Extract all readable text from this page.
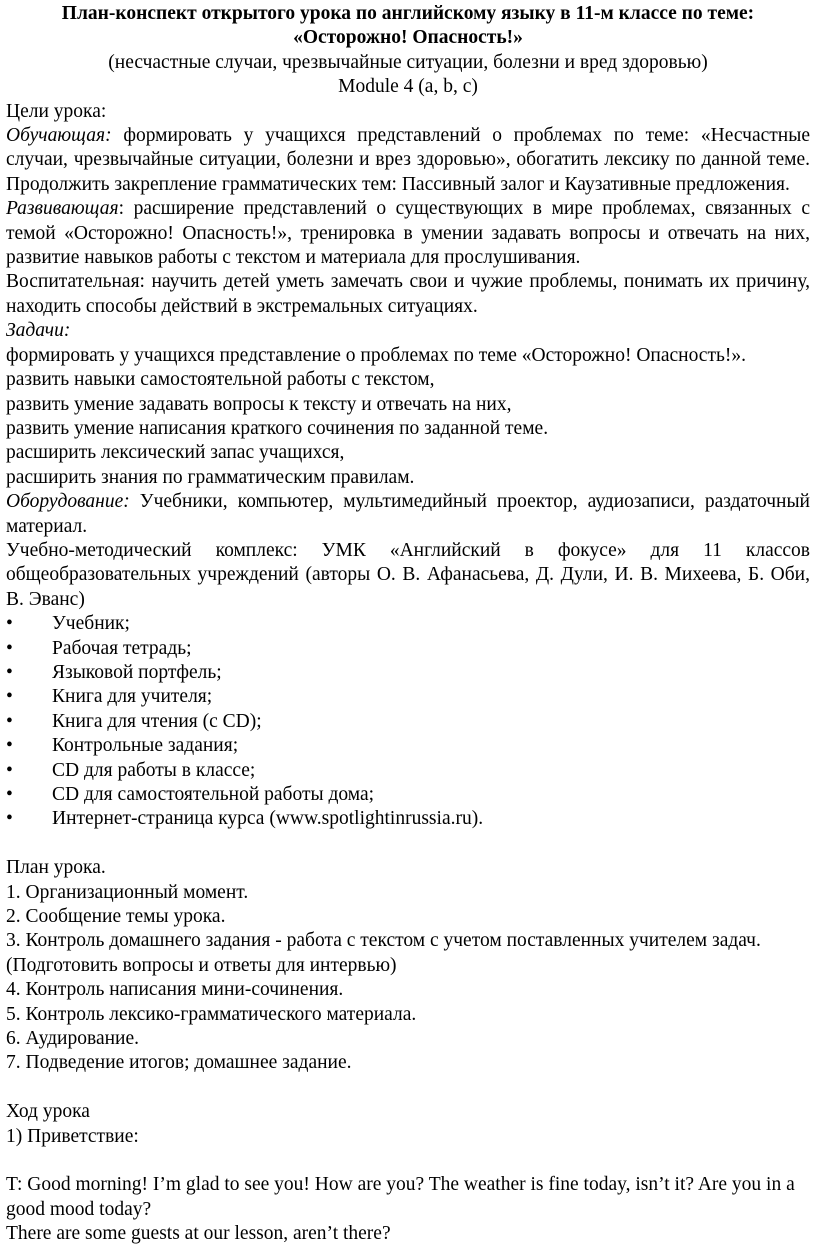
План-конспект открытого урока по английскому языку в 11-м классе по теме:
«Осторожно! Опасность!»
(несчастные случаи, чрезвычайные ситуации, болезни и вред здоровью)
Module 4 (a, b, c)
Цели урока:

Обучающая: формировать у учащихся представлений о проблемах по теме: «Несчастные случаи, чрезвычайные ситуации, болезни и врез здоровью», обогатить лексику по данной теме. Продолжить закрепление грамматических тем: Пассивный залог и Каузативные предложения.

Развивающая: расширение представлений о существующих в мире проблемах, связанных с темой «Осторожно! Опасность!», тренировка в умении задавать вопросы и отвечать на них, развитие навыков работы с текстом и материала для прослушивания.

Воспитательная: научить детей уметь замечать свои и чужие проблемы, понимать их причину, находить способы действий в экстремальных ситуациях.

Задачи:
формировать у учащихся представление о проблемах по теме «Осторожно! Опасность!».
развить навыки самостоятельной работы с текстом,
развить умение задавать вопросы к тексту и отвечать на них,
развить умение написания краткого сочинения по заданной теме.
расширить лексический запас учащихся,
расширить знания по грамматическим правилам.

Оборудование: Учебники, компьютер, мультимедийный проектор, аудиозаписи, раздаточный материал.

Учебно-методический комплекс: УМК «Английский в фокусе» для 11 классов общеобразовательных учреждений (авторы О. В. Афанасьева, Д. Дули, И. В. Михеева, Б. Оби, В. Эванс)

•	Учебник;
•	Рабочая тетрадь;
•	Языковой портфель;
•	Книга для учителя;
•	Книга для чтения (с CD);
•	Контрольные задания;
•	CD для работы в классе;
•	CD для самостоятельной работы дома;
•	Интернет-страница курса (www.spotlightinrussia.ru).
План урока.
1. Организационный момент.
2. Сообщение темы урока.
3. Контроль домашнего задания - работа с текстом с учетом поставленных учителем задач. (Подготовить вопросы и ответы для интервью)
4. Контроль написания мини-сочинения.
5. Контроль лексико-грамматического материала.
6. Аудирование.
7. Подведение итогов; домашнее задание.
Ход урока
1) Приветствие:

T: Good morning! I’m glad to see you! How are you? The weather is fine today, isn’t it? Are you in a good mood today?

There are some guests at our lesson, aren’t there?
